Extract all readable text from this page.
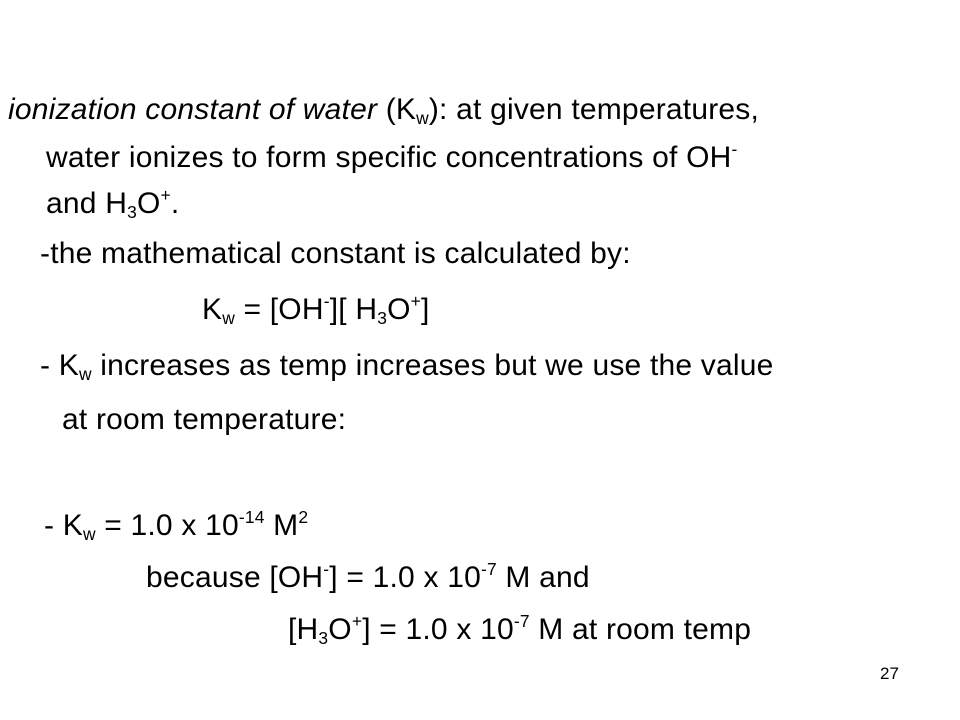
ionization constant of water $(K_w)$: at given temperatures,
water ionizes to form specific concentrations of OH-
and $H_3O^+$.
-the mathematical constant is calculated by:
$K_w = [OH^-]$[ $H_3O^+$]
- $K_w$ increases as temp increases but we use the value
at room temperature:
- $K_w = 1.0$ x $10^{-14}$ $M^2$
because [OH-] = 1.0 x $10^{-7}$ M and
$[H_3O^+] = 1.0$ x $10^{-7}$ M at room temp
27
